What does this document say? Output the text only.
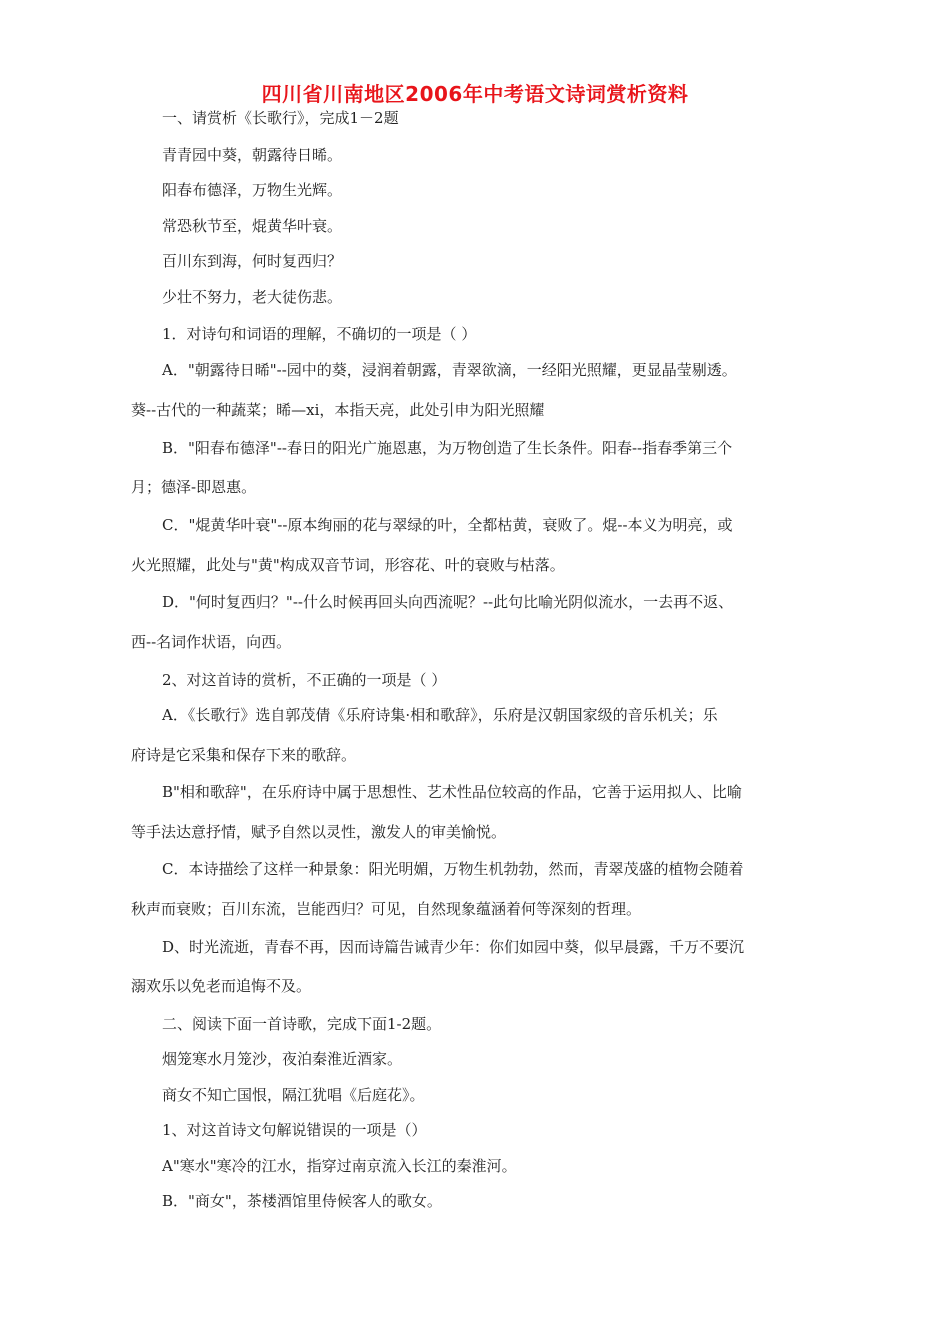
四川省川南地区2006年中考语文诗词赏析资料
一、请赏析《长歌行》，完成1－2题
青青园中葵，朝露待日晞。
阳春布德泽，万物生光辉。
常恐秋节至，焜黄华叶衰。
百川东到海，何时复西归？
少壮不努力，老大徒伤悲。
1．对诗句和词语的理解，不确切的一项是（ ）
A．"朝露待日晞"--园中的葵，浸润着朝露，青翠欲滴，一经阳光照耀，更显晶莹剔透。
葵--古代的一种蔬菜；晞—xi，本指天亮，此处引申为阳光照耀
B．"阳春布德泽"--春日的阳光广施恩惠，为万物创造了生长条件。阳春--指春季第三个
月；德泽-即恩惠。
C．"焜黄华叶衰"--原本绚丽的花与翠绿的叶，全都枯黄，衰败了。焜--本义为明亮，或
火光照耀，此处与"黄"构成双音节词，形容花、叶的衰败与枯落。
D．"何时复西归？"--什么时候再回头向西流呢？--此句比喻光阴似流水，一去再不返、
西--名词作状语，向西。
2、对这首诗的赏析，不正确的一项是（ ）
A．《长歌行》选自郭茂倩《乐府诗集·相和歌辞》，乐府是汉朝国家级的音乐机关；乐
府诗是它采集和保存下来的歌辞。
B"相和歌辞"，在乐府诗中属于思想性、艺术性品位较高的作品，它善于运用拟人、比喻
等手法达意抒情，赋予自然以灵性，激发人的审美愉悦。
C．本诗描绘了这样一种景象：阳光明媚，万物生机勃勃，然而，青翠茂盛的植物会随着
秋声而衰败；百川东流，岂能西归？可见，自然现象蕴涵着何等深刻的哲理。
D、时光流逝，青春不再，因而诗篇告诫青少年：你们如园中葵，似早晨露，千万不要沉
溺欢乐以免老而追悔不及。
二、阅读下面一首诗歌，完成下面1-2题。
烟笼寒水月笼沙，夜泊秦淮近酒家。
商女不知亡国恨，隔江犹唱《后庭花》。
1、对这首诗文句解说错误的一项是（）
A"寒水"寒冷的江水，指穿过南京流入长江的秦淮河。
B．"商女"，茶楼酒馆里侍候客人的歌女。
